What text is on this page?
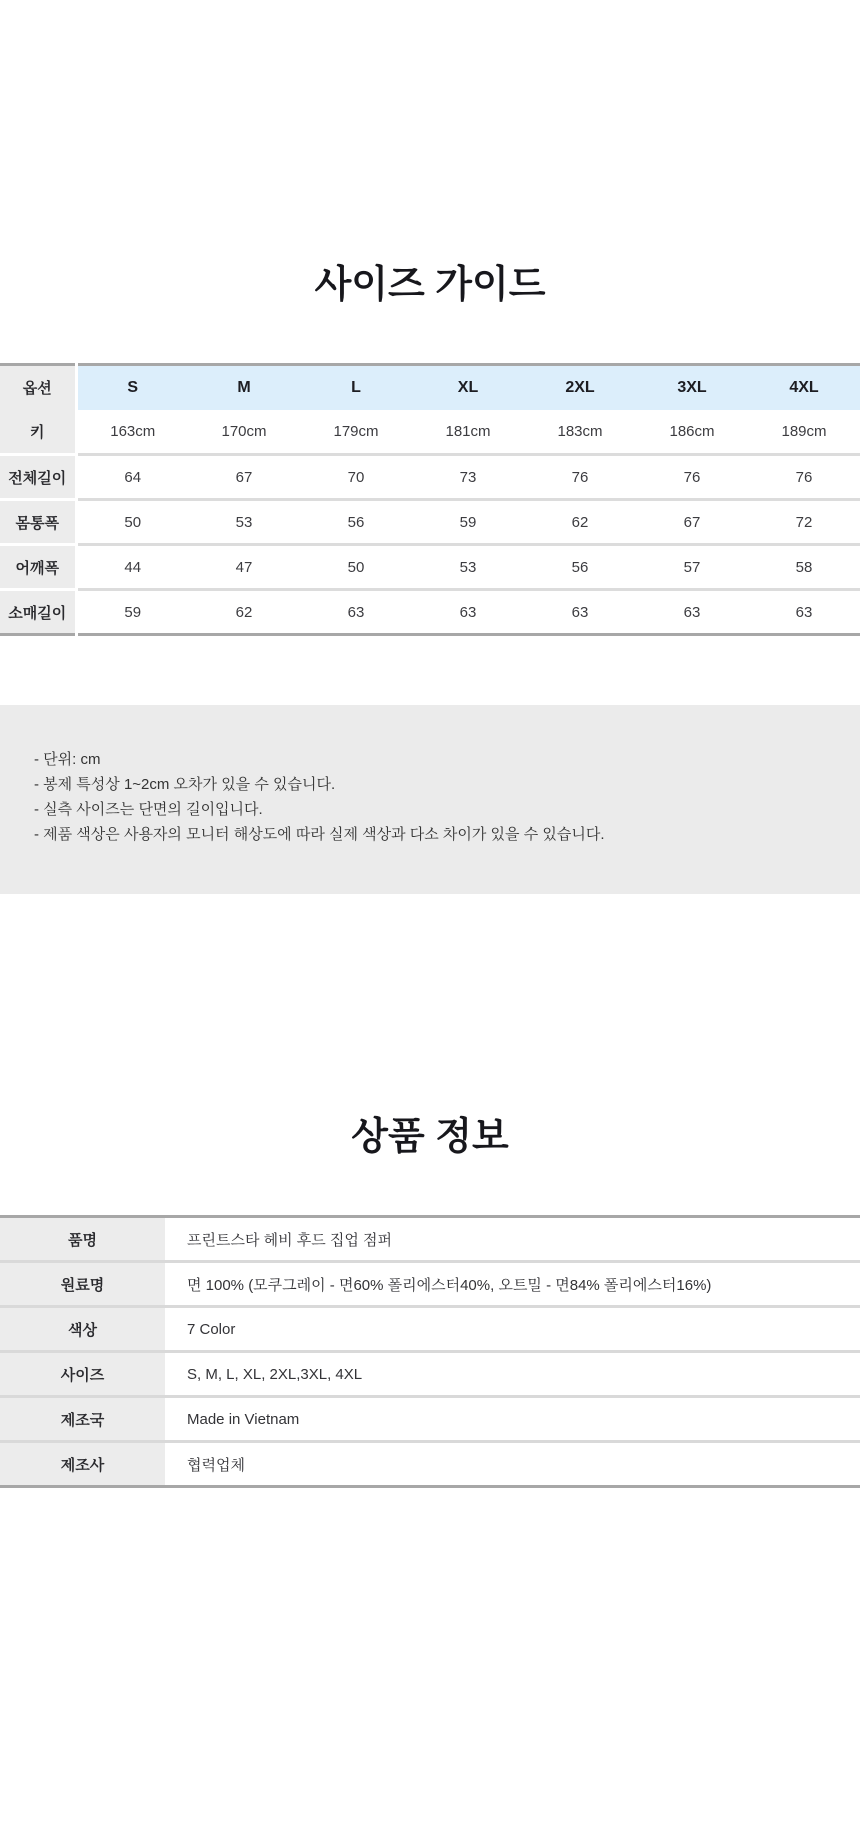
사이즈 가이드
옵션	S	M	L	XL	2XL	3XL	4XL
키	163cm	170cm	179cm	181cm	183cm	186cm	189cm
전체길이	64	67	70	73	76	76	76
몸통폭	50	53	56	59	62	67	72
어깨폭	44	47	50	53	56	57	58
소매길이	59	62	63	63	63	63	63

- 단위: cm

- 봉제 특성상 1~2cm 오차가 있을 수 있습니다.

- 실측 사이즈는 단면의 길이입니다.

- 제품 색상은 사용자의 모니터 해상도에 따라 실제 색상과 다소 차이가 있을 수 있습니다.

상품 정보
품명	프린트스타 헤비 후드 집업 점퍼
원료명	면 100% (모쿠그레이 - 면60% 폴리에스터40%, 오트밀 - 면84% 폴리에스터16%)
색상	7 Color
사이즈	S, M, L, XL, 2XL,3XL, 4XL
제조국	Made in Vietnam
제조사	협력업체
